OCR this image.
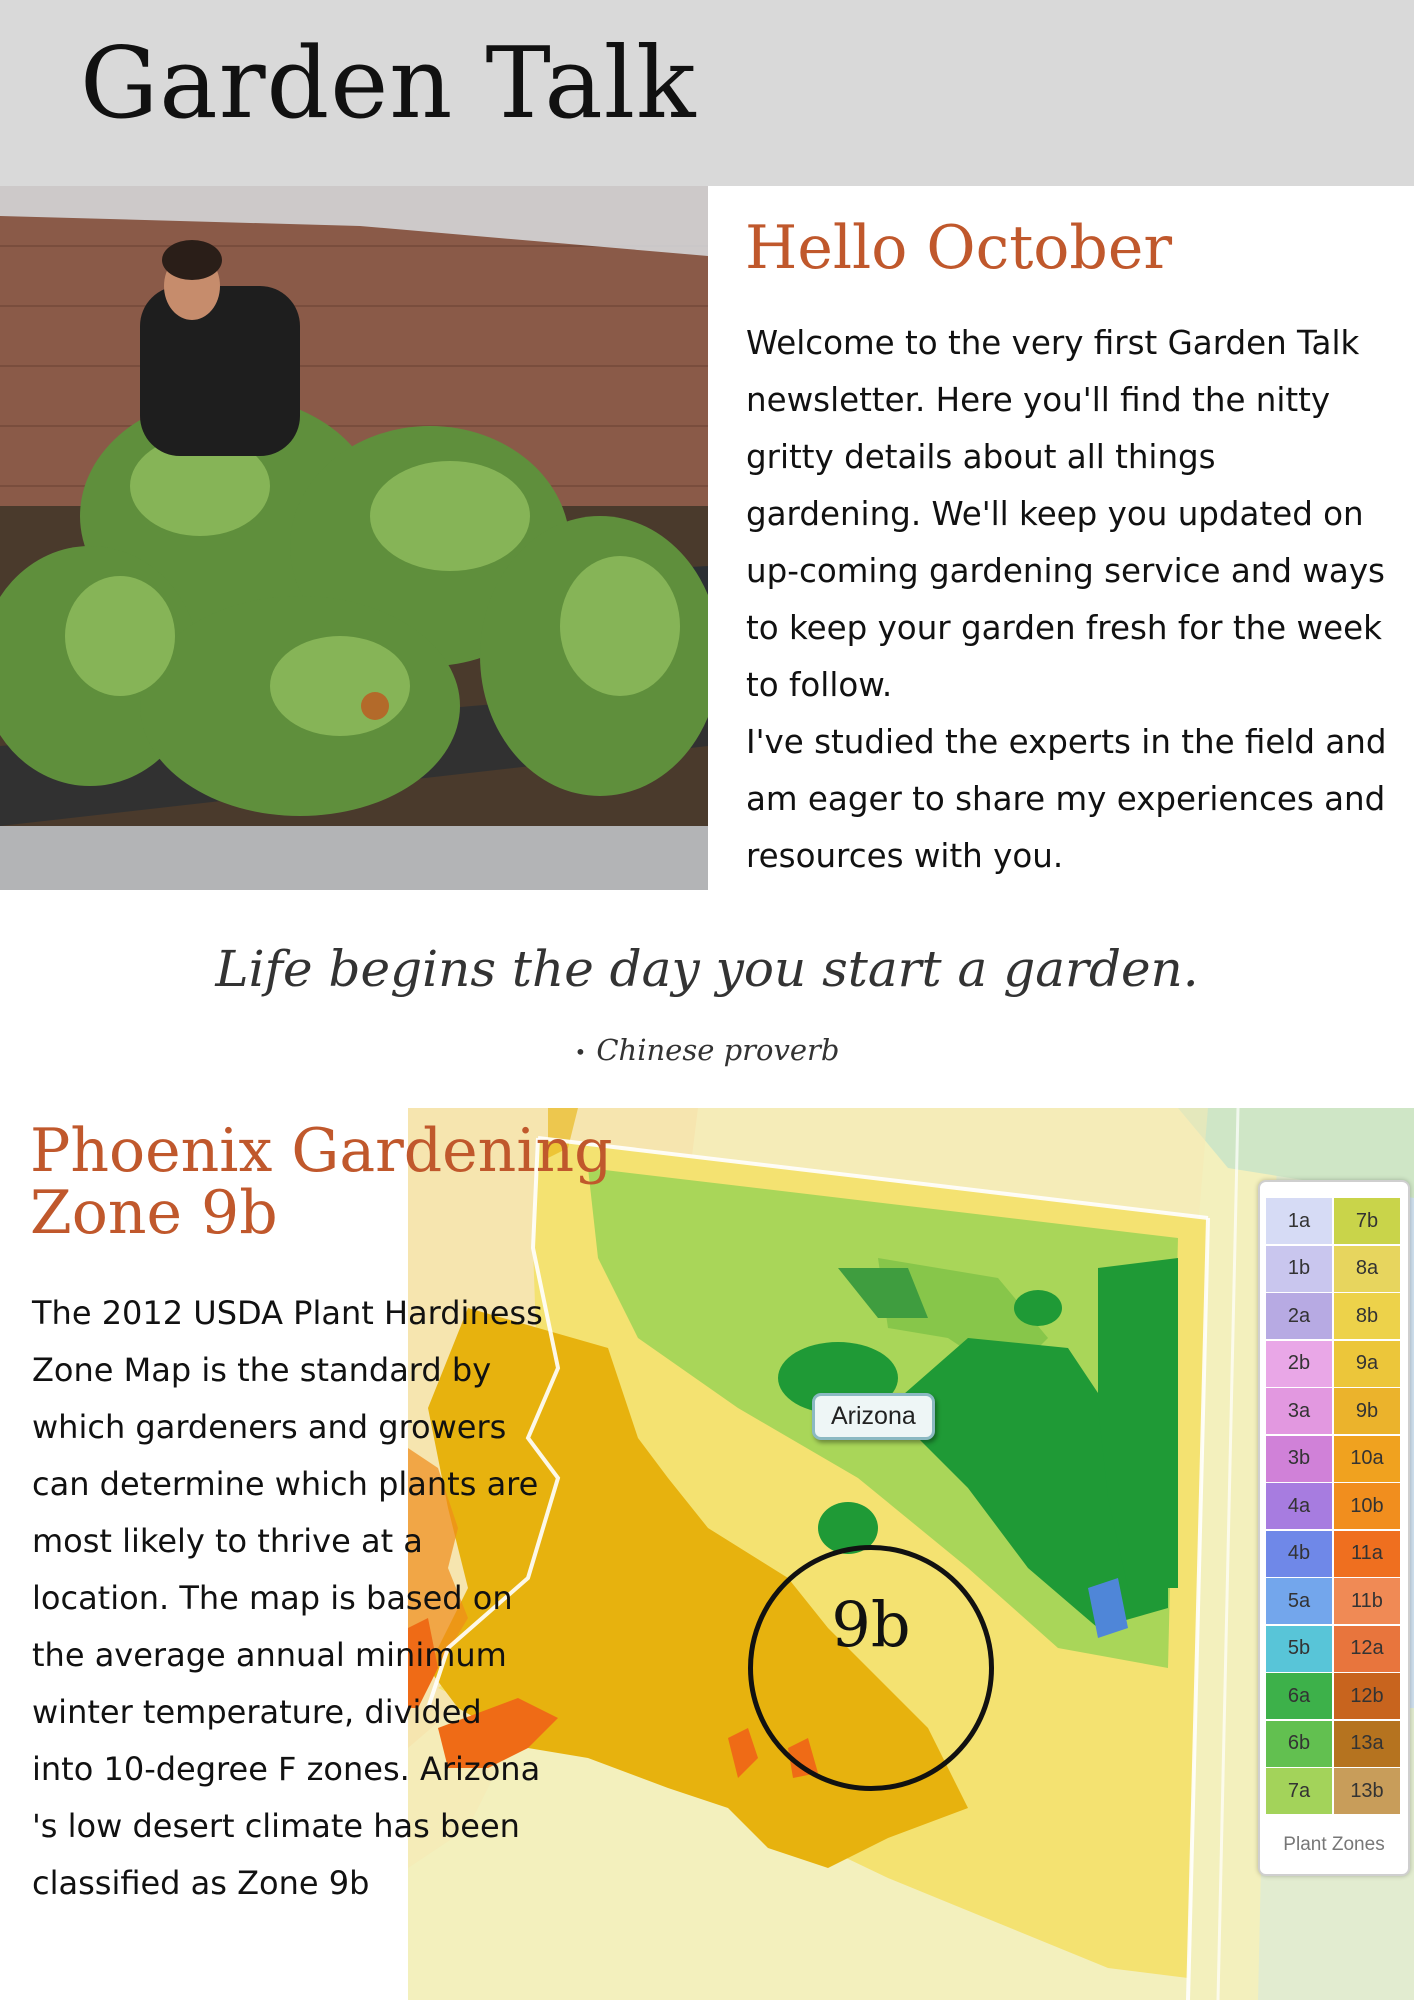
Garden Talk
Hello October

Welcome to the very first Garden Talk newsletter. Here you'll find the nitty gritty details about all things gardening. We'll keep you updated on up-coming gardening service and ways to keep your garden fresh for the week to follow.

I've studied the experts in the field and am eager to share my experiences and resources with you.

Life begins the day you start a garden.
• Chinese proverb
Phoenix Gardening Zone 9b
The 2012 USDA Plant Hardiness Zone Map is the standard by which gardeners and growers can determine which plants are most likely to thrive at a location. The map is based on the average annual minimum winter temperature, divided into 10-degree F zones. Arizona 's low desert climate has been classified as Zone 9b
Arizona
9b
Plant Zones
1a	7b
1b	8a
2a	8b
2b	9a
3a	9b
3b	10a
4a	10b
4b	11a
5a	11b
5b	12a
6a	12b
6b	13a
7a	13b
